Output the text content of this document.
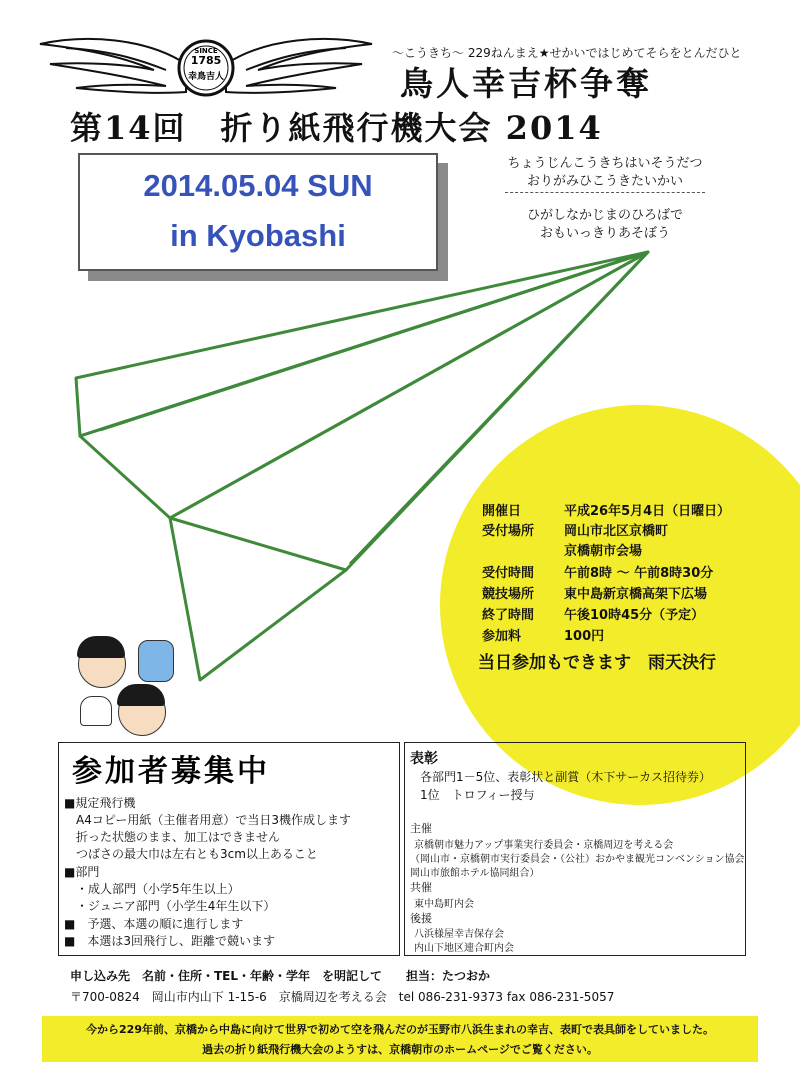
SINCE
1785
幸鳥吉人
～こうきち～ 229ねんまえ★せかいではじめてそらをとんだひと
鳥人幸吉杯争奪
第14回　折り紙飛行機大会 2014
2014.05.04 SUN
in Kyobashi
ちょうじんこうきちはいそうだつ
おりがみひこうきたいかい
ひがしなかじまのひろばで
おもいっきりあそぼう
開催日	平成26年5月4日（日曜日）
受付場所 岡山市北区京橋町
京橋朝市会場
受付時間 午前8時 ～ 午前8時30分
競技場所 東中島新京橋高架下広場
終了時間 午後10時45分（予定）
参加料	100円
当日参加もできます　雨天決行
参加者募集中
■規定飛行機
　A4コピー用紙（主催者用意）で当日3機作成します
　折った状態のまま、加工はできません
　つばさの最大巾は左右とも3cm以上あること
■部門
　・成人部門（小学5年生以上）
　・ジュニア部門（小学生4年生以下）
■　予選、本選の順に進行します
■　本選は3回飛行し、距離で競います
表彰
各部門1－5位、表彰状と副賞（木下サーカス招待券）
1位　トロフィー授与
主催
京橋朝市魅力アップ事業実行委員会・京橋周辺を考える会
（岡山市・京橋朝市実行委員会・（公社）おかやま観光コンベンション協会
岡山市旅館ホテル協同組合）
共催
東中島町内会
後援
八浜様屋幸吉保存会
内山下地区連合町内会
申し込み先　名前・住所・TEL・年齢・学年　を明記して　　担当：たつおか
〒700-0824　岡山市内山下 1-15-6　京橋周辺を考える会　tel 086-231-9373 fax 086-231-5057
今から229年前、京橋から中島に向けて世界で初めて空を飛んだのが玉野市八浜生まれの幸吉、表町で表具師をしていました。
過去の折り紙飛行機大会のようすは、京橋朝市のホームページでご覧ください。
